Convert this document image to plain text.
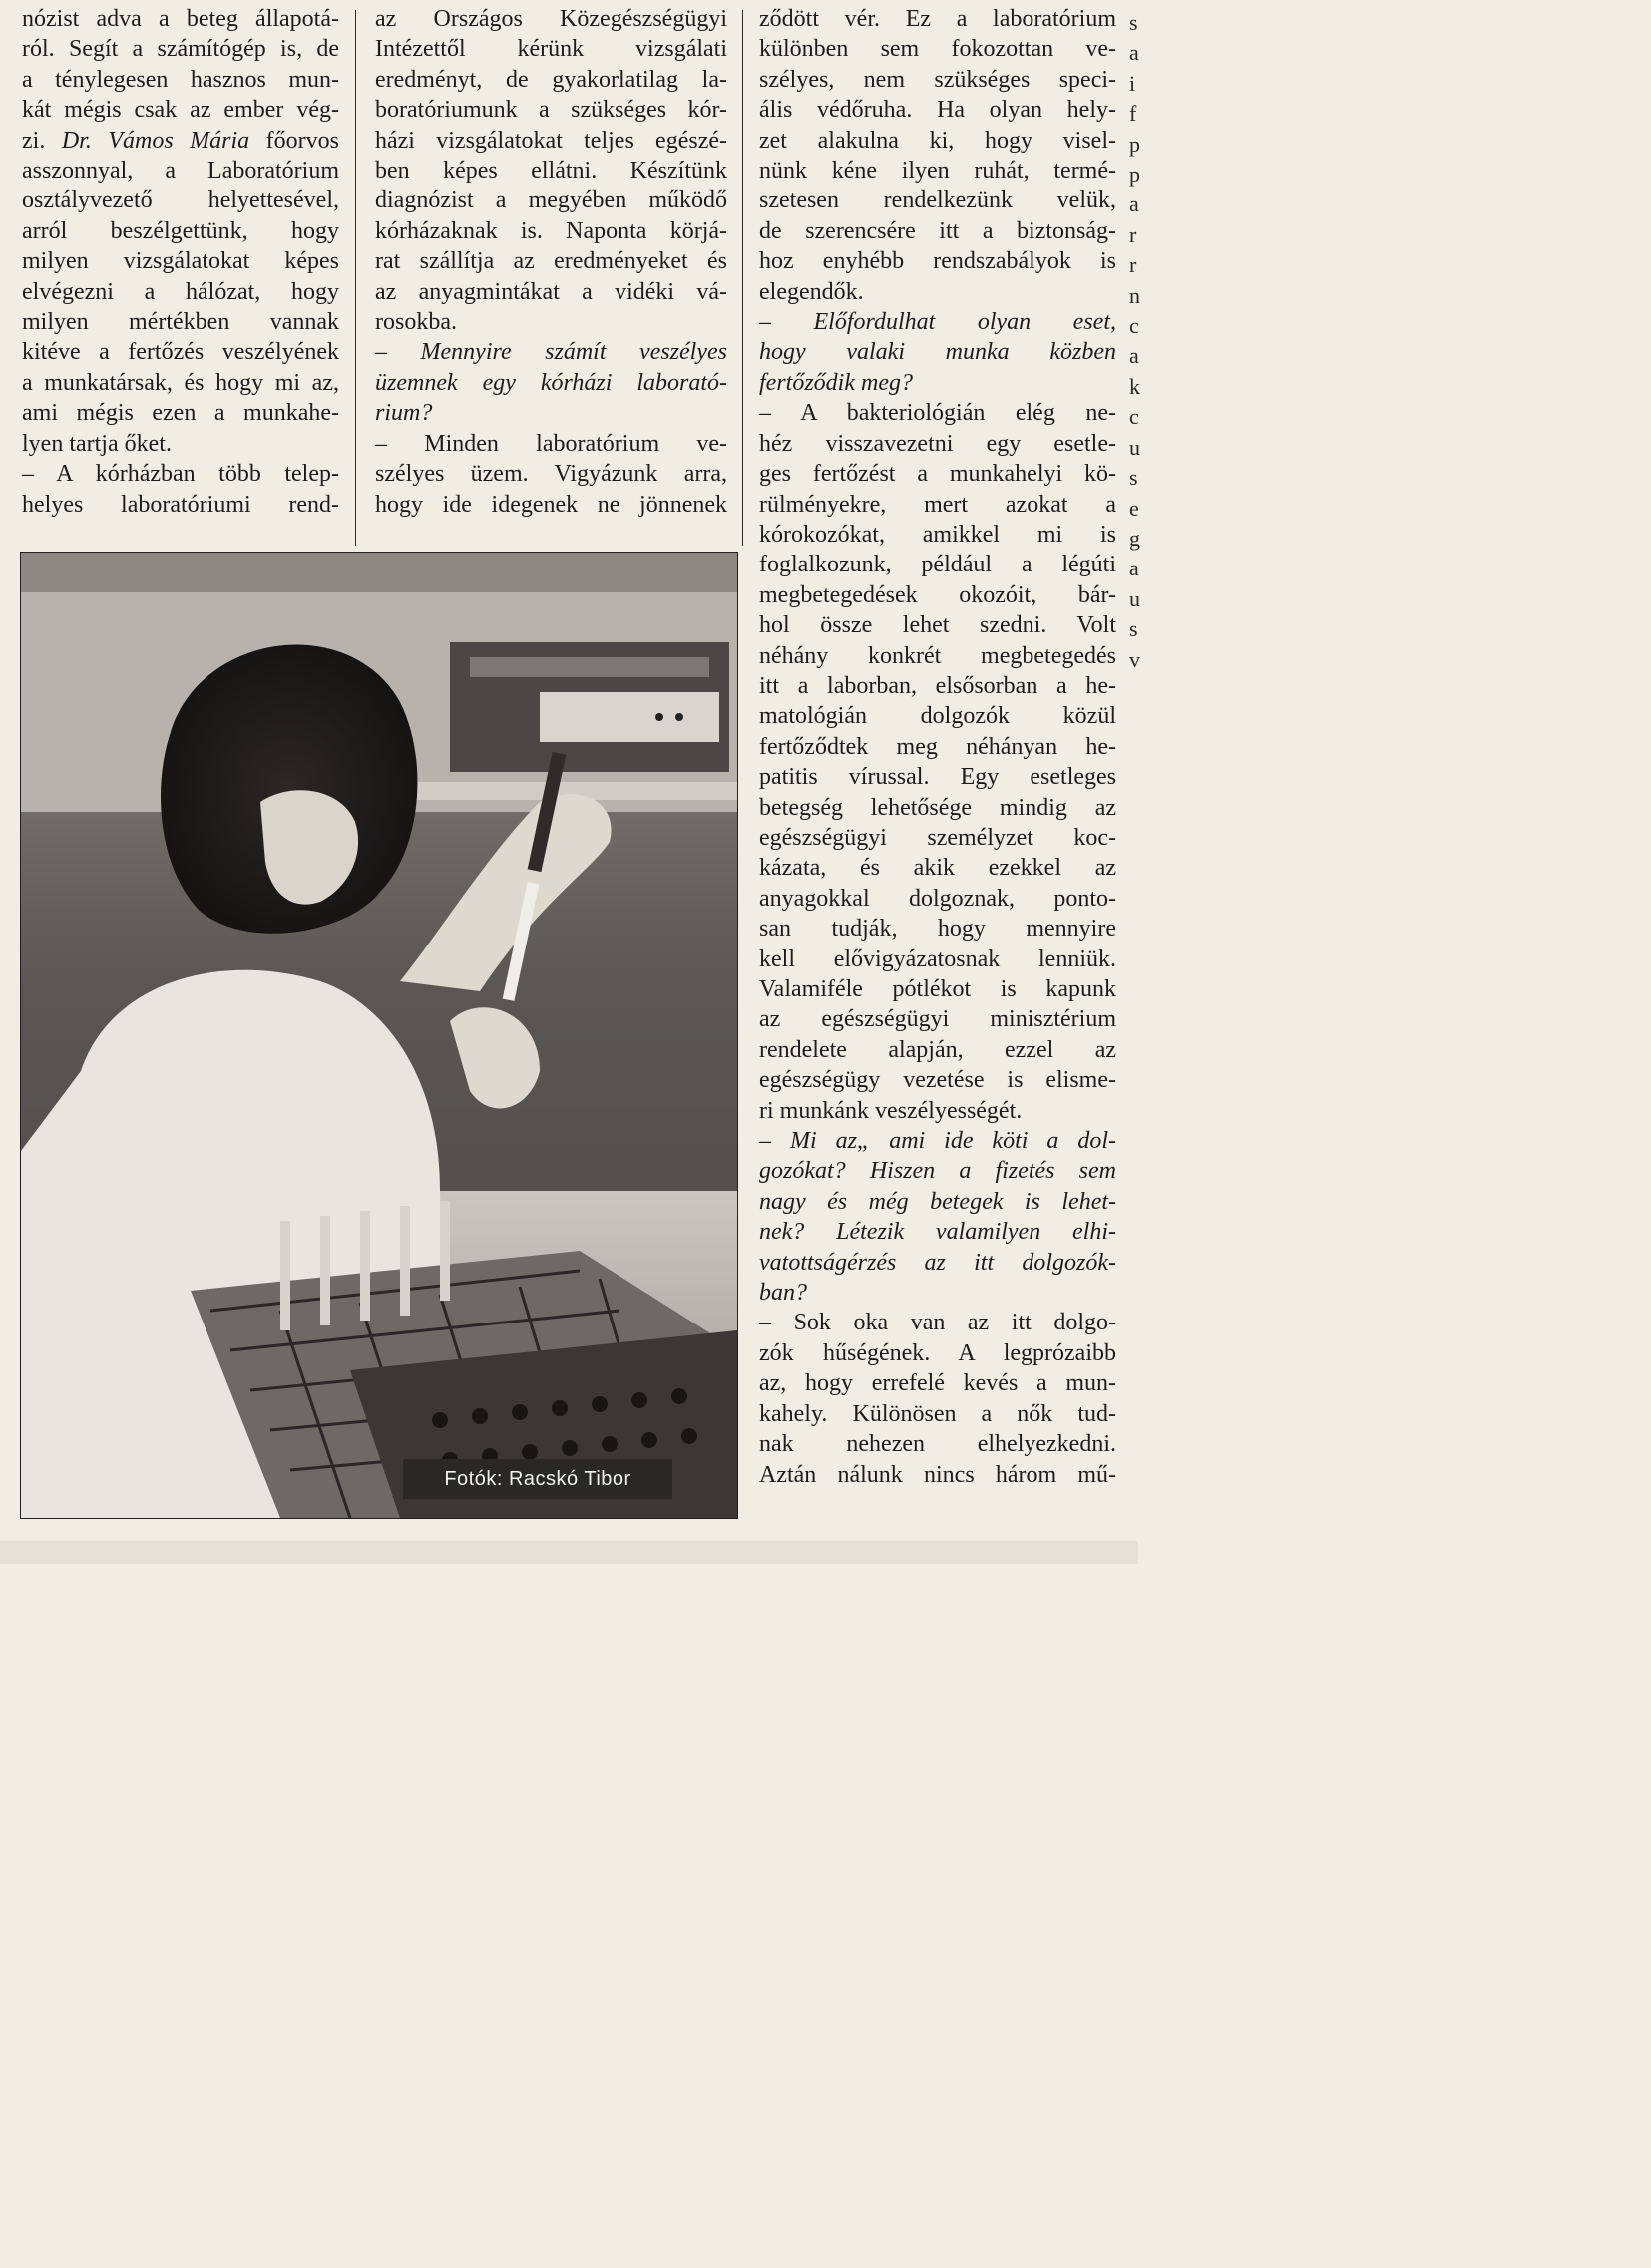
nózist adva a beteg állapotá-

ról. Segít a számítógép is, de

a ténylegesen hasznos mun-

kát mégis csak az ember vég-

zi. Dr. Vámos Mária főorvos

asszonnyal, a Laboratórium

osztályvezető helyettesével,

arról beszélgettünk, hogy

milyen vizsgálatokat képes

elvégezni a hálózat, hogy

milyen mértékben vannak

kitéve a fertőzés veszélyének

a munkatársak, és hogy mi az,

ami mégis ezen a munkahe-

lyen tartja őket.

– A kórházban több telep-

helyes laboratóriumi rend-

az Országos Közegészségügyi

Intézettől kérünk vizsgálati

eredményt, de gyakorlatilag la-

boratóriumunk a szükséges kór-

házi vizsgálatokat teljes egészé-

ben képes ellátni. Készítünk

diagnózist a megyében működő

kórházaknak is. Naponta körjá-

rat szállítja az eredményeket és

az anyagmintákat a vidéki vá-

rosokba.

– Mennyire számít veszélyes

üzemnek egy kórházi laborató-

rium?

– Minden laboratórium ve-

szélyes üzem. Vigyázunk arra,

hogy ide idegenek ne jönnenek

ződött vér. Ez a laboratórium

különben sem fokozottan ve-

szélyes, nem szükséges speci-

ális védőruha. Ha olyan hely-

zet alakulna ki, hogy visel-

nünk kéne ilyen ruhát, termé-

szetesen rendelkezünk velük,

de szerencsére itt a biztonság-

hoz enyhébb rendszabályok is

elegendők.

– Előfordulhat olyan eset,

hogy valaki munka közben

fertőződik meg?

– A bakteriológián elég ne-

héz visszavezetni egy esetle-

ges fertőzést a munkahelyi kö-

rülményekre, mert azokat a

kórokozókat, amikkel mi is

foglalkozunk, például a légúti

megbetegedések okozóit, bár-

hol össze lehet szedni. Volt

néhány konkrét megbetegedés

itt a laborban, elsősorban a he-

matológián dolgozók közül

fertőződtek meg néhányan he-

patitis vírussal. Egy esetleges

betegség lehetősége mindig az

egészségügyi személyzet koc-

kázata, és akik ezekkel az

anyagokkal dolgoznak, ponto-

san tudják, hogy mennyire

kell elővigyázatosnak lenniük.

Valamiféle pótlékot is kapunk

az egészségügyi minisztérium

rendelete alapján, ezzel az

egészségügy vezetése is elisme-

ri munkánk veszélyességét.

– Mi az„ ami ide köti a dol-

gozókat? Hiszen a fizetés sem

nagy és még betegek is lehet-

nek? Létezik valamilyen elhi-

vatottságérzés az itt dolgozók-

ban?

– Sok oka van az itt dolgo-

zók hűségének. A legprózaibb

az, hogy errefelé kevés a mun-

kahely. Különösen a nők tud-

nak nehezen elhelyezkedni.

Aztán nálunk nincs három mű-

s
a
i
f
p
p
a
r
r
n
c
a
k
c
u
s
e
g
a
u
s
v
Fotók: Racskó Tibor
